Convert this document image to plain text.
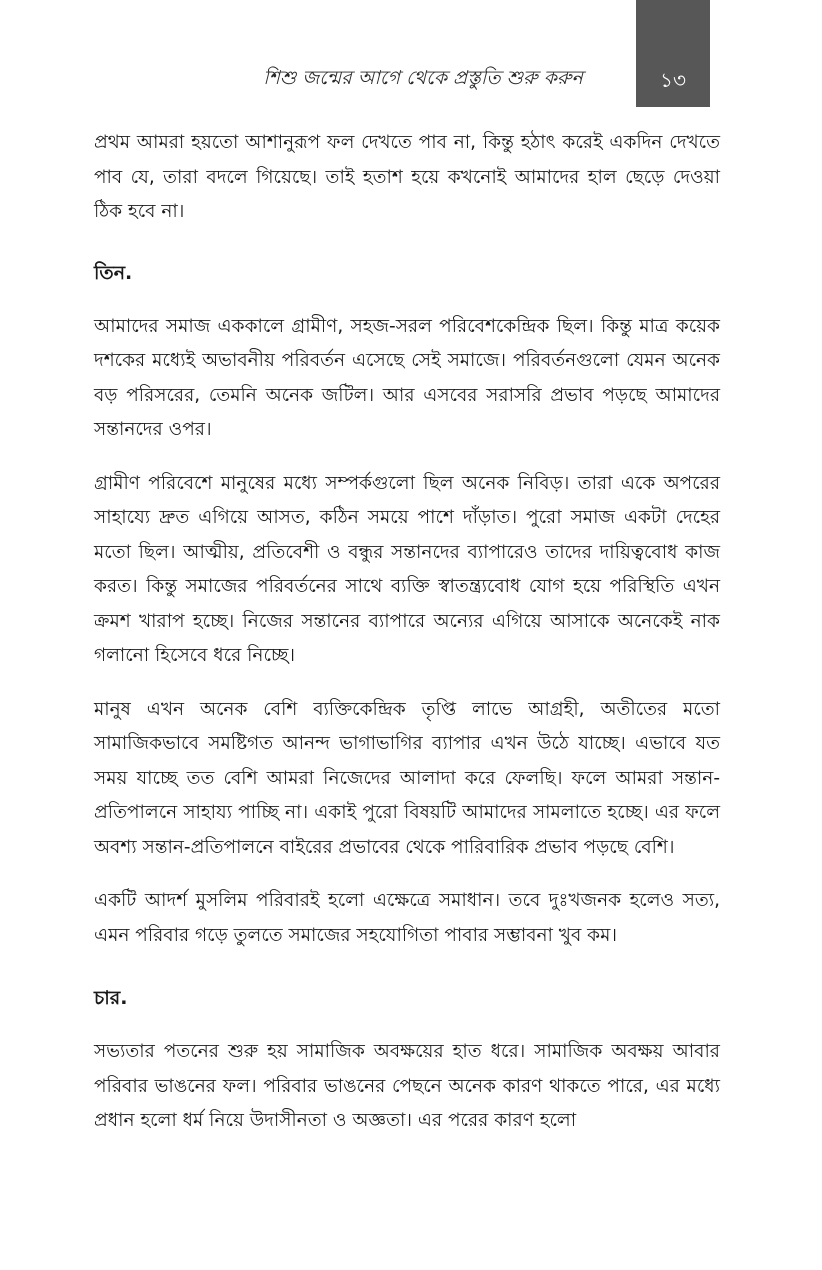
শিশু জন্মের আগে থেকে প্রস্তুতি শুরু করুন	১৩

প্রথম আমরা হয়তো আশানুরূপ ফল দেখতে পাব না, কিন্তু হঠাৎ করেই একদিন দেখতে পাব যে, তারা বদলে গিয়েছে। তাই হতাশ হয়ে কখনোই আমাদের হাল ছেড়ে দেওয়া ঠিক হবে না।

তিন.

আমাদের সমাজ এককালে গ্রামীণ, সহজ-সরল পরিবেশকেন্দ্রিক ছিল। কিন্তু মাত্র কয়েক দশকের মধ্যেই অভাবনীয় পরিবর্তন এসেছে সেই সমাজে। পরিবর্তনগুলো যেমন অনেক বড় পরিসরের, তেমনি অনেক জটিল। আর এসবের সরাসরি প্রভাব পড়ছে আমাদের সন্তানদের ওপর।

গ্রামীণ পরিবেশে মানুষের মধ্যে সম্পর্কগুলো ছিল অনেক নিবিড়। তারা একে অপরের সাহায্যে দ্রুত এগিয়ে আসত, কঠিন সময়ে পাশে দাঁড়াত। পুরো সমাজ একটা দেহের মতো ছিল। আত্মীয়, প্রতিবেশী ও বন্ধুর সন্তানদের ব্যাপারেও তাদের দায়িত্ববোধ কাজ করত। কিন্তু সমাজের পরিবর্তনের সাথে ব্যক্তি স্বাতন্ত্র্যবোধ যোগ হয়ে পরিস্থিতি এখন ক্রমশ খারাপ হচ্ছে। নিজের সন্তানের ব্যাপারে অন্যের এগিয়ে আসাকে অনেকেই নাক গলানো হিসেবে ধরে নিচ্ছে।

মানুষ এখন অনেক বেশি ব্যক্তিকেন্দ্রিক তৃপ্তি লাভে আগ্রহী, অতীতের মতো সামাজিকভাবে সমষ্টিগত আনন্দ ভাগাভাগির ব্যাপার এখন উঠে যাচ্ছে। এভাবে যত সময় যাচ্ছে তত বেশি আমরা নিজেদের আলাদা করে ফেলছি। ফলে আমরা সন্তান-প্রতিপালনে সাহায্য পাচ্ছি না। একাই পুরো বিষয়টি আমাদের সামলাতে হচ্ছে। এর ফলে অবশ্য সন্তান-প্রতিপালনে বাইরের প্রভাবের থেকে পারিবারিক প্রভাব পড়ছে বেশি।

একটি আদর্শ মুসলিম পরিবারই হলো এক্ষেত্রে সমাধান। তবে দুঃখজনক হলেও সত্য, এমন পরিবার গড়ে তুলতে সমাজের সহযোগিতা পাবার সম্ভাবনা খুব কম।

চার.

সভ্যতার পতনের শুরু হয় সামাজিক অবক্ষয়ের হাত ধরে। সামাজিক অবক্ষয় আবার পরিবার ভাঙনের ফল। পরিবার ভাঙনের পেছনে অনেক কারণ থাকতে পারে, এর মধ্যে প্রধান হলো ধর্ম নিয়ে উদাসীনতা ও অজ্ঞতা। এর পরের কারণ হলো
